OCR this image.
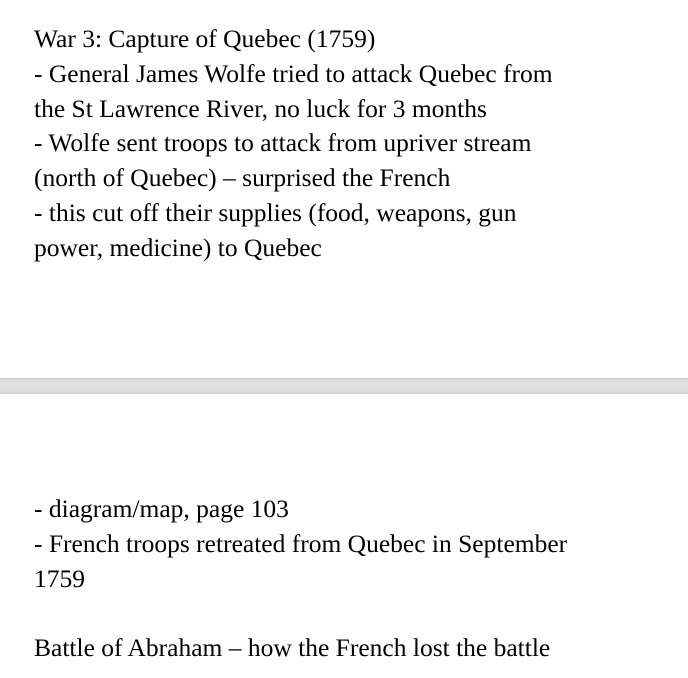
War 3: Capture of Quebec (1759)
- General James Wolfe tried to attack Quebec from
the St Lawrence River, no luck for 3 months
- Wolfe sent troops to attack from upriver stream
(north of Quebec) – surprised the French
- this cut off their supplies (food, weapons, gun
power, medicine) to Quebec
- diagram/map, page 103
- French troops retreated from Quebec in September
1759
Battle of Abraham – how the French lost the battle
